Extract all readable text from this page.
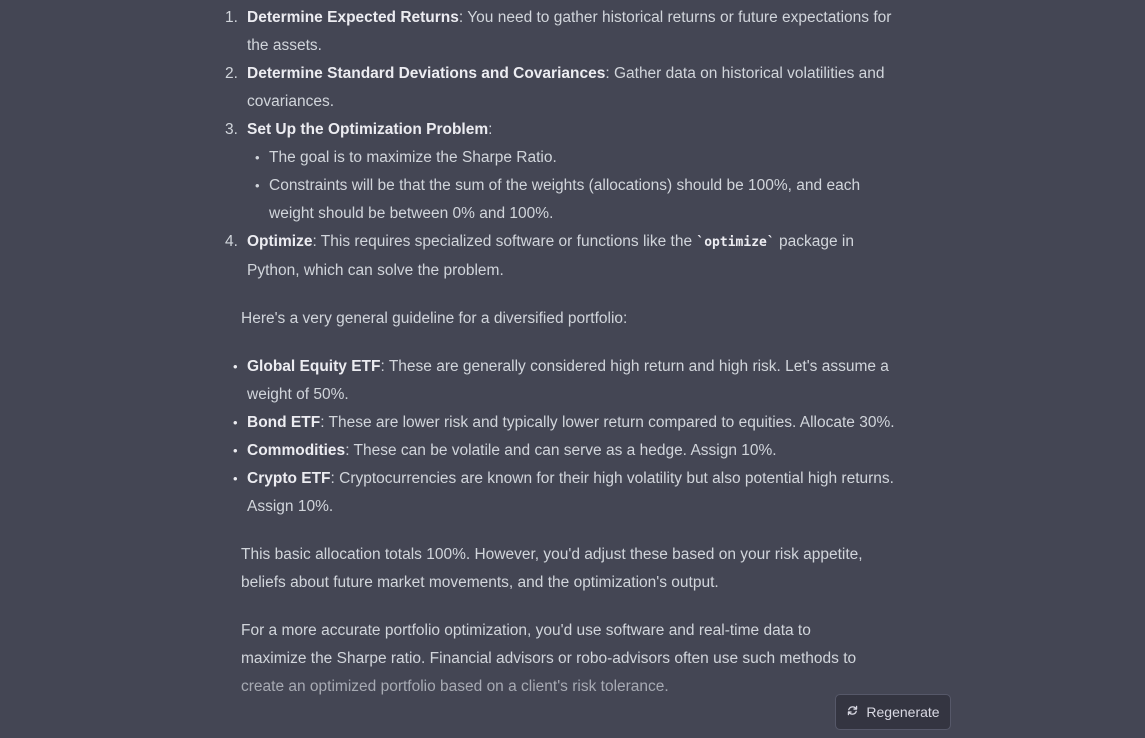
1. Determine Expected Returns: You need to gather historical returns or future expectations for the assets.
2. Determine Standard Deviations and Covariances: Gather data on historical volatilities and covariances.
3. Set Up the Optimization Problem:
• The goal is to maximize the Sharpe Ratio.
• Constraints will be that the sum of the weights (allocations) should be 100%, and each weight should be between 0% and 100%.
4. Optimize: This requires specialized software or functions like the `optimize` package in Python, which can solve the problem.

Here's a very general guideline for a diversified portfolio:

• Global Equity ETF: These are generally considered high return and high risk. Let's assume a weight of 50%.
• Bond ETF: These are lower risk and typically lower return compared to equities. Allocate 30%.
• Commodities: These can be volatile and can serve as a hedge. Assign 10%.
• Crypto ETF: Cryptocurrencies are known for their high volatility but also potential high returns. Assign 10%.

This basic allocation totals 100%. However, you'd adjust these based on your risk appetite, beliefs about future market movements, and the optimization's output.

For a more accurate portfolio optimization, you'd use software and real-time data to
maximize the Sharpe ratio. Financial advisors or robo-advisors often use such methods to
create an optimized portfolio based on a client's risk tolerance.

Regenerate
